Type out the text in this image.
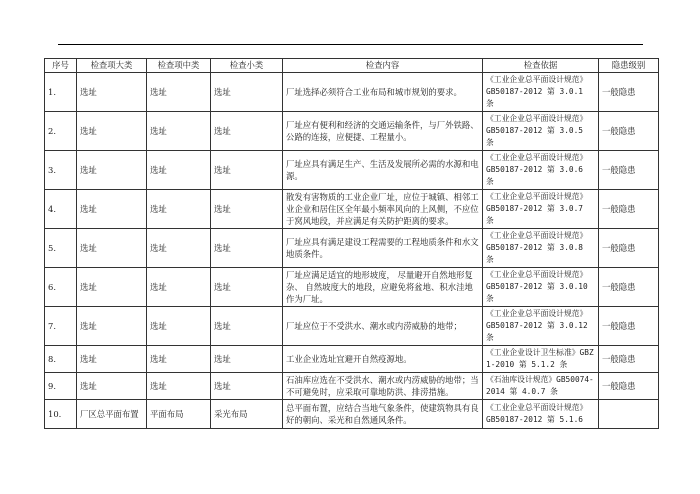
序号	检查项大类	检查项中类	检查小类	检查内容	检查依据	隐患级别
1.	选址	选址	选址	厂址选择必须符合工业布局和城市规划的要求。	《工业企业总平面设计规范》GB50187-2012 第 3.0.1 条	一般隐患
2.	选址	选址	选址	厂址应有便利和经济的交通运输条件，与厂外铁路、公路的连接，应便捷、工程量小。	《工业企业总平面设计规范》GB50187-2012 第 3.0.5 条	一般隐患
3.	选址	选址	选址	厂址应具有满足生产、生活及发展所必需的水源和电源。	《工业企业总平面设计规范》GB50187-2012 第 3.0.6 条	一般隐患
4.	选址	选址	选址	散发有害物质的工业企业厂址，应位于城镇、相邻工业企业和居住区全年最小频率风向的上风侧，不应位于窝风地段，并应满足有关防护距离的要求。	《工业企业总平面设计规范》GB50187-2012 第 3.0.7 条	一般隐患
5.	选址	选址	选址	厂址应具有满足建设工程需要的工程地质条件和水文地质条件。	《工业企业总平面设计规范》GB50187-2012 第 3.0.8 条	一般隐患
6.	选址	选址	选址	厂址应满足适宜的地形坡度， 尽量避开自然地形复杂、 自然坡度大的地段，应避免将盆地、积水洼地作为厂址。	《工业企业总平面设计规范》GB50187-2012 第 3.0.10 条	一般隐患
7.	选址	选址	选址	厂址应位于不受洪水、潮水或内涝威胁的地带；	《工业企业总平面设计规范》GB50187-2012 第 3.0.12 条	一般隐患
8.	选址	选址	选址	工业企业选址宜避开自然疫源地。	《工业企业设计卫生标准》GBZ 1-2010 第 5.1.2 条	一般隐患
9.	选址	选址	选址	石油库应选在不受洪水、潮水或内涝威胁的地带；当不可避免时，应采取可靠地防洪、排涝措施。	《石油库设计规范》GB50074-2014 第 4.0.7 条	一般隐患
10.	厂区总平面布置	平面布局	采光布局	总平面布置，应结合当地气象条件，使建筑物具有良好的朝向、采光和自然通风条件。	《工业企业总平面设计规范》GB50187-2012 第 5.1.6	
